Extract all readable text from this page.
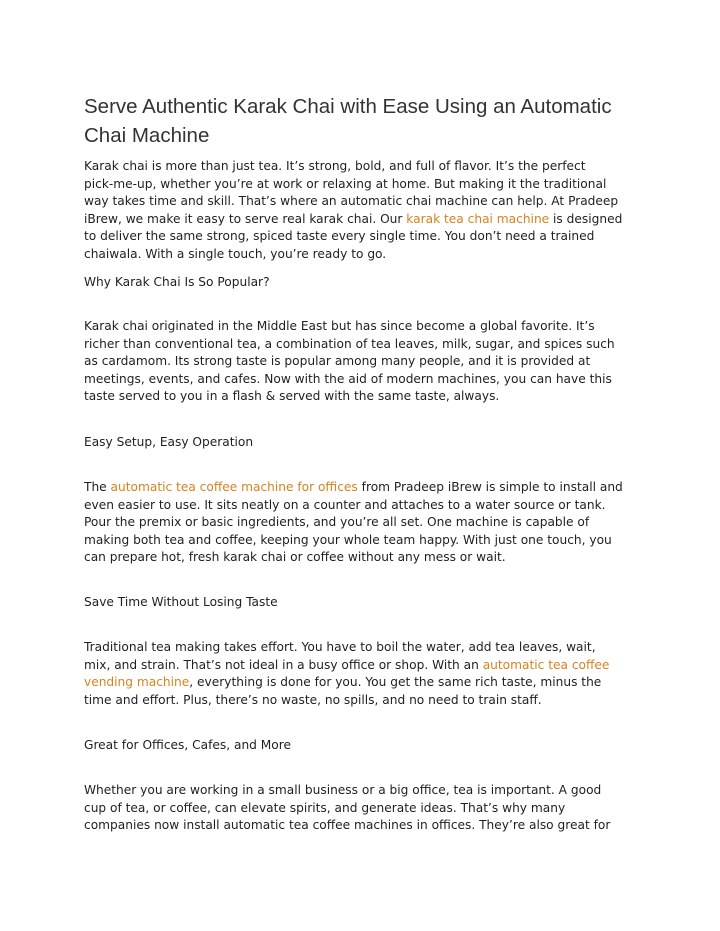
Serve Authentic Karak Chai with Ease Using an Automatic Chai Machine

Karak chai is more than just tea. It’s strong, bold, and full of flavor. It’s the perfect
pick-me-up, whether you’re at work or relaxing at home. But making it the traditional
way takes time and skill. That’s where an automatic chai machine can help. At Pradeep
iBrew, we make it easy to serve real karak chai. Our karak tea chai machine is designed
to deliver the same strong, spiced taste every single time. You don’t need a trained
chaiwala. With a single touch, you’re ready to go.

Why Karak Chai Is So Popular?

Karak chai originated in the Middle East but has since become a global favorite. It’s
richer than conventional tea, a combination of tea leaves, milk, sugar, and spices such
as cardamom. Its strong taste is popular among many people, and it is provided at
meetings, events, and cafes. Now with the aid of modern machines, you can have this
taste served to you in a flash & served with the same taste, always.

Easy Setup, Easy Operation

The automatic tea coffee machine for offices from Pradeep iBrew is simple to install and
even easier to use. It sits neatly on a counter and attaches to a water source or tank.
Pour the premix or basic ingredients, and you’re all set. One machine is capable of
making both tea and coffee, keeping your whole team happy. With just one touch, you
can prepare hot, fresh karak chai or coffee without any mess or wait.

Save Time Without Losing Taste

Traditional tea making takes effort. You have to boil the water, add tea leaves, wait,
mix, and strain. That’s not ideal in a busy office or shop. With an automatic tea coffee
vending machine, everything is done for you. You get the same rich taste, minus the
time and effort. Plus, there’s no waste, no spills, and no need to train staff.

Great for Offices, Cafes, and More

Whether you are working in a small business or a big office, tea is important. A good
cup of tea, or coffee, can elevate spirits, and generate ideas. That’s why many
companies now install automatic tea coffee machines in offices. They’re also great for
